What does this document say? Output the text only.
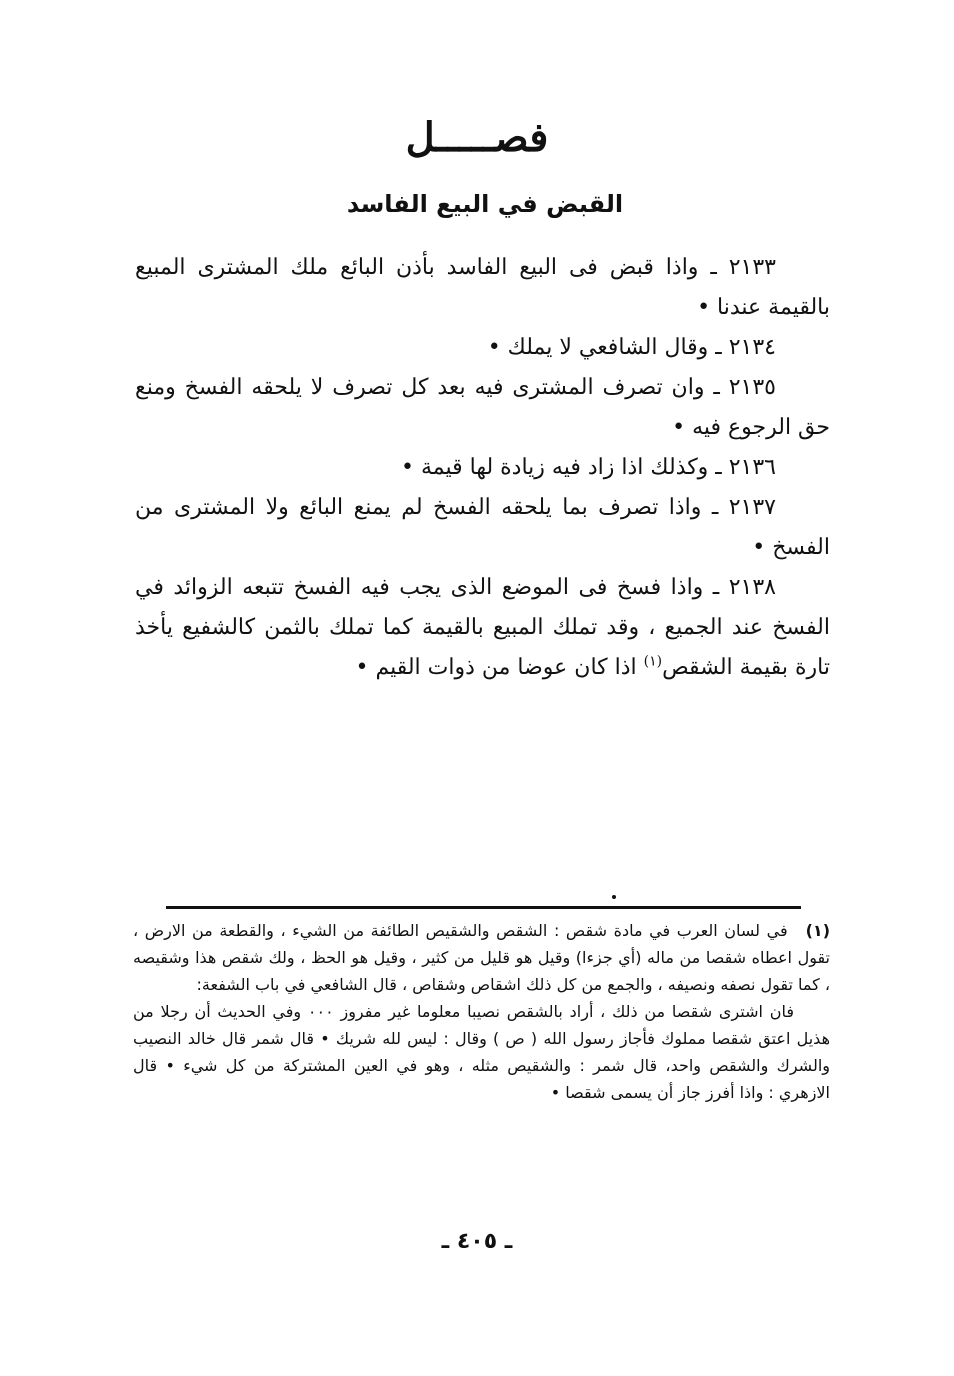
فصـــــل
القبض في البيع الفاسد

٢١٣٣ ـ واذا قبض فى البيع الفاسد بأذن البائع ملك المشترى المبيع بالقيمة عندنا •

٢١٣٤ ـ وقال الشافعي لا يملك •

٢١٣٥ ـ وان تصرف المشترى فيه بعد كل تصرف لا يلحقه الفسخ ومنع حق الرجوع فيه •

٢١٣٦ ـ وكذلك اذا زاد فيه زيادة لها قيمة •

٢١٣٧ ـ واذا تصرف بما يلحقه الفسخ لم يمنع البائع ولا المشترى من الفسخ •

٢١٣٨ ـ واذا فسخ فى الموضع الذى يجب فيه الفسخ تتبعه الزوائد في الفسخ عند الجميع ، وقد تملك المبيع بالقيمة كما تملك بالثمن كالشفيع يأخذ تارة بقيمة الشقص$^{(١)}$ اذا كان عوضا من ذوات القيم •

(١)في لسان العرب في مادة شقص : الشقص والشقيص الطائفة من الشيء ، والقطعة من الارض ، تقول اعطاه شقصا من ماله (أي جزءا) وقيل هو قليل من كثير ، وقيل هو الحظ ، ولك شقص هذا وشقيصه ، كما تقول نصفه ونصيفه ، والجمع من كل ذلك اشقاص وشقاص ، قال الشافعي في باب الشفعة:

فان اشترى شقصا من ذلك ، أراد بالشقص نصيبا معلوما غير مفروز ٠٠٠ وفي الحديث أن رجلا من هذيل اعتق شقصا مملوك فأجاز رسول الله ( ص ) وقال : ليس لله شريك • قال شمر قال خالد النصيب والشرك والشقص واحد، قال شمر : والشقيص مثله ، وهو في العين المشتركة من كل شيء • قال الازهري : واذا أفرز جاز أن يسمى شقصا •

ـ ٤٠٥ ـ
